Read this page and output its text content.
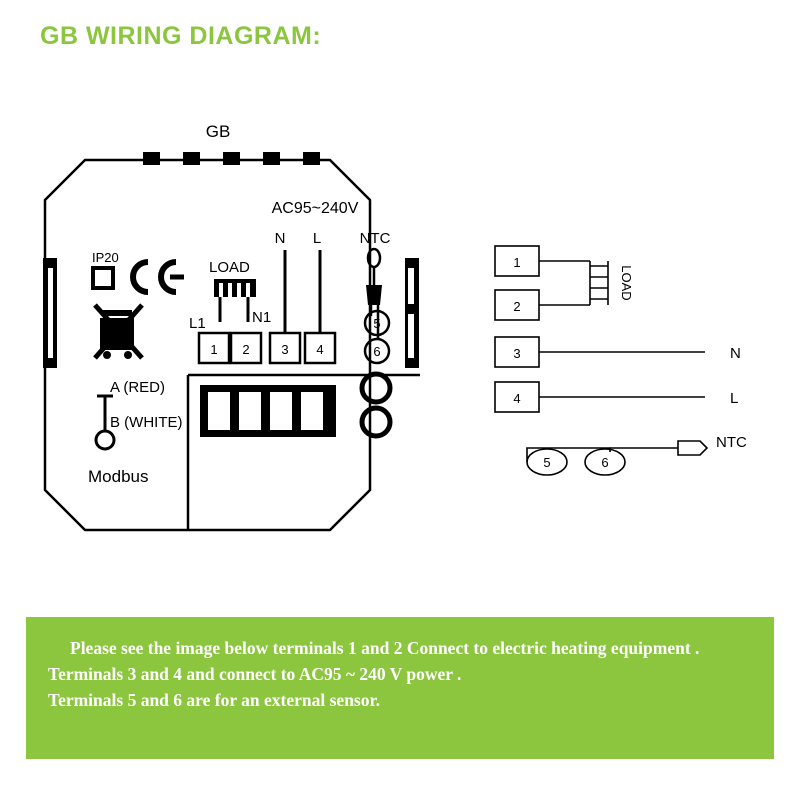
GB WIRING DIAGRAM:
GB
AC95~240V
IP20
LOAD
L1	N1
N L
1 2 3 4
NTC
5
6
A (RED)
B (WHITE)
Modbus
1
2
LOAD
3	N
4	L
5	6
NTC

Please see the image below terminals 1 and 2 Connect to electric heating equipment .

Terminals 3 and 4 and connect to AC95 ~ 240 V power .

Terminals 5 and 6 are for an external sensor.
